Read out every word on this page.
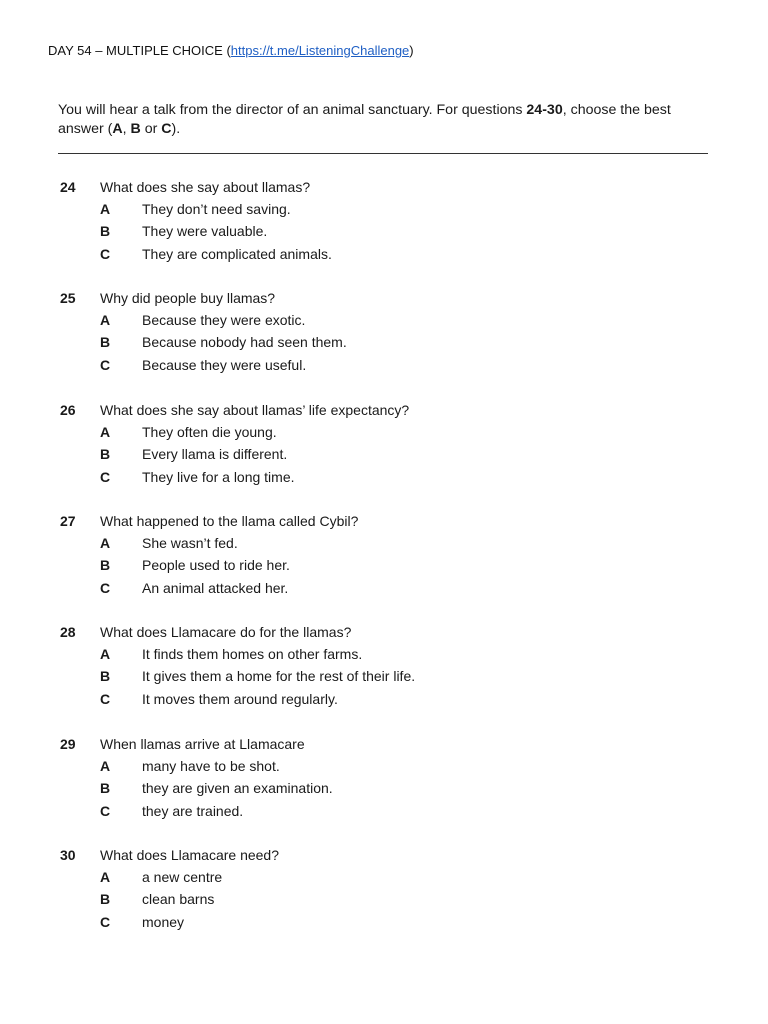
DAY 54 – MULTIPLE CHOICE (https://t.me/ListeningChallenge)
You will hear a talk from the director of an animal sanctuary. For questions 24-30, choose the best answer (A, B or C).
24 What does she say about llamas?
A They don’t need saving.
B They were valuable.
C They are complicated animals.
25 Why did people buy llamas?
A Because they were exotic.
B Because nobody had seen them.
C Because they were useful.
26 What does she say about llamas’ life expectancy?
A They often die young.
B Every llama is different.
C They live for a long time.
27 What happened to the llama called Cybil?
A She wasn’t fed.
B People used to ride her.
C An animal attacked her.
28 What does Llamacare do for the llamas?
A It finds them homes on other farms.
B It gives them a home for the rest of their life.
C It moves them around regularly.
29 When llamas arrive at Llamacare
A many have to be shot.
B they are given an examination.
C they are trained.
30 What does Llamacare need?
A a new centre
B clean barns
C money
